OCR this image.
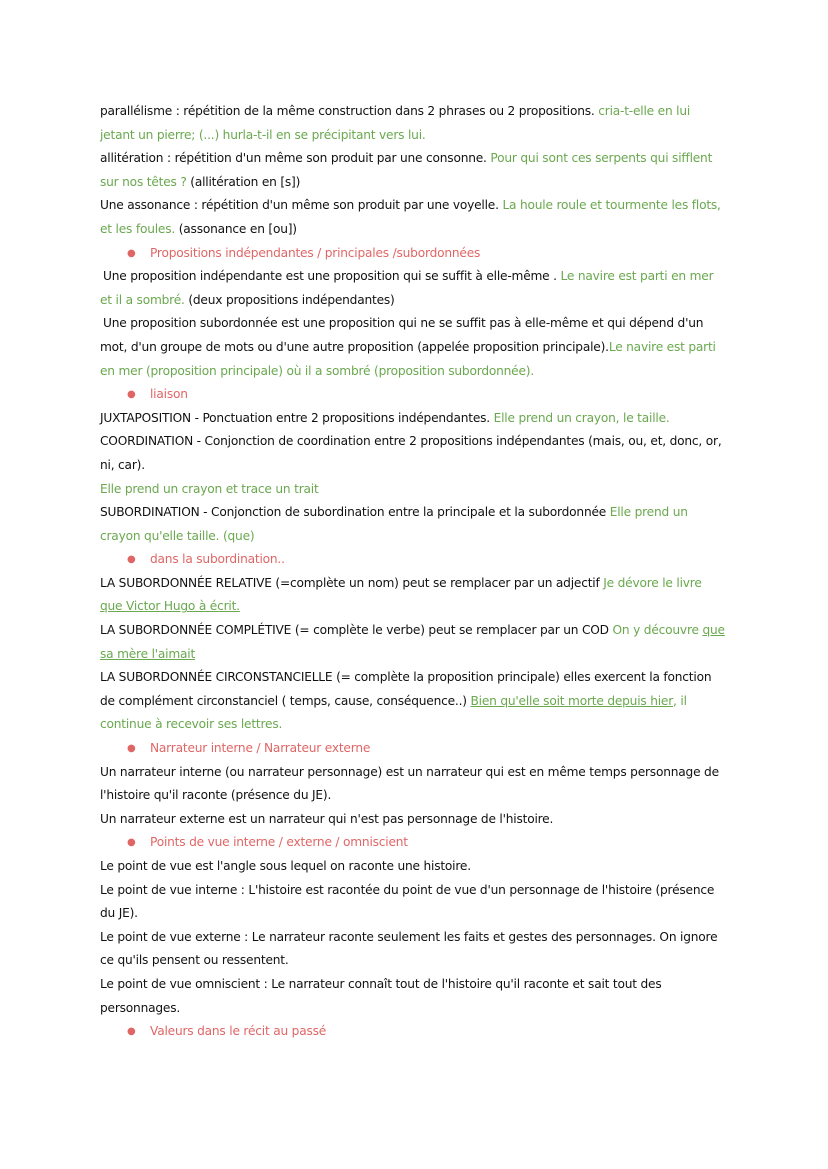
parallélisme : répétition de la même construction dans 2 phrases ou 2 propositions. cria-t-elle en lui jetant un pierre; (...) hurla-t-il en se précipitant vers lui.

allitération : répétition d'un même son produit par une consonne. Pour qui sont ces serpents qui sifflent sur nos têtes ? (allitération en [s])

Une assonance : répétition d'un même son produit par une voyelle. La houle roule et tourmente les flots, et les foules. (assonance en [ou])

● Propositions indépendantes / principales /subordonnées

Une proposition indépendante est une proposition qui se suffit à elle-même . Le navire est parti en mer et il a sombré. (deux propositions indépendantes)

Une proposition subordonnée est une proposition qui ne se suffit pas à elle-même et qui dépend d'un mot, d'un groupe de mots ou d'une autre proposition (appelée proposition principale).Le navire est parti en mer (proposition principale) où il a sombré (proposition subordonnée).

● liaison

JUXTAPOSITION - Ponctuation entre 2 propositions indépendantes. Elle prend un crayon, le taille.

COORDINATION - Conjonction de coordination entre 2 propositions indépendantes (mais, ou, et, donc, or, ni, car).
Elle prend un crayon et trace un trait

SUBORDINATION - Conjonction de subordination entre la principale et la subordonnée Elle prend un crayon qu'elle taille. (que)

● dans la subordination..

LA SUBORDONNÉE RELATIVE (=complète un nom) peut se remplacer par un adjectif Je dévore le livre que Victor Hugo à écrit.

LA SUBORDONNÉE COMPLÉTIVE (= complète le verbe) peut se remplacer par un COD On y découvre que sa mère l'aimait

LA SUBORDONNÉE CIRCONSTANCIELLE (= complète la proposition principale) elles exercent la fonction de complément circonstanciel ( temps, cause, conséquence..) Bien qu'elle soit morte depuis hier, il continue à recevoir ses lettres.

● Narrateur interne / Narrateur externe

Un narrateur interne (ou narrateur personnage) est un narrateur qui est en même temps personnage de l'histoire qu'il raconte (présence du JE).

Un narrateur externe est un narrateur qui n'est pas personnage de l'histoire.

● Points de vue interne / externe / omniscient

Le point de vue est l'angle sous lequel on raconte une histoire.

Le point de vue interne : L'histoire est racontée du point de vue d'un personnage de l'histoire (présence du JE).

Le point de vue externe : Le narrateur raconte seulement les faits et gestes des personnages. On ignore ce qu'ils pensent ou ressentent.

Le point de vue omniscient : Le narrateur connaît tout de l'histoire qu'il raconte et sait tout des personnages.

● Valeurs dans le récit au passé
